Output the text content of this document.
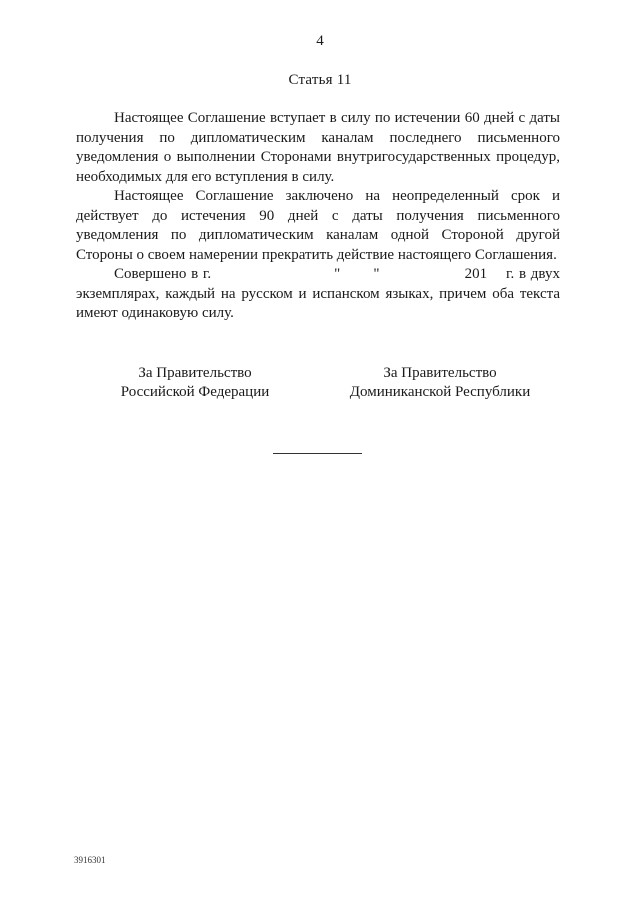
4
Статья 11

Настоящее Соглашение вступает в силу по истечении 60 дней с даты получения по дипломатическим каналам последнего письменного уведомления о выполнении Сторонами внутригосударственных процедур, необходимых для его вступления в силу.

Настоящее Соглашение заключено на неопределенный срок и действует до истечения 90 дней с даты получения письменного уведомления по дипломатическим каналам одной Стороной другой Стороны о своем намерении прекратить действие настоящего Соглашения.

Совершено в г.                          "       "                  201    г. в двух экземплярах, каждый на русском и испанском языках, причем оба текста имеют одинаковую силу.

За Правительство
Российской Федерации
За Правительство
Доминиканской Республики
3916301
